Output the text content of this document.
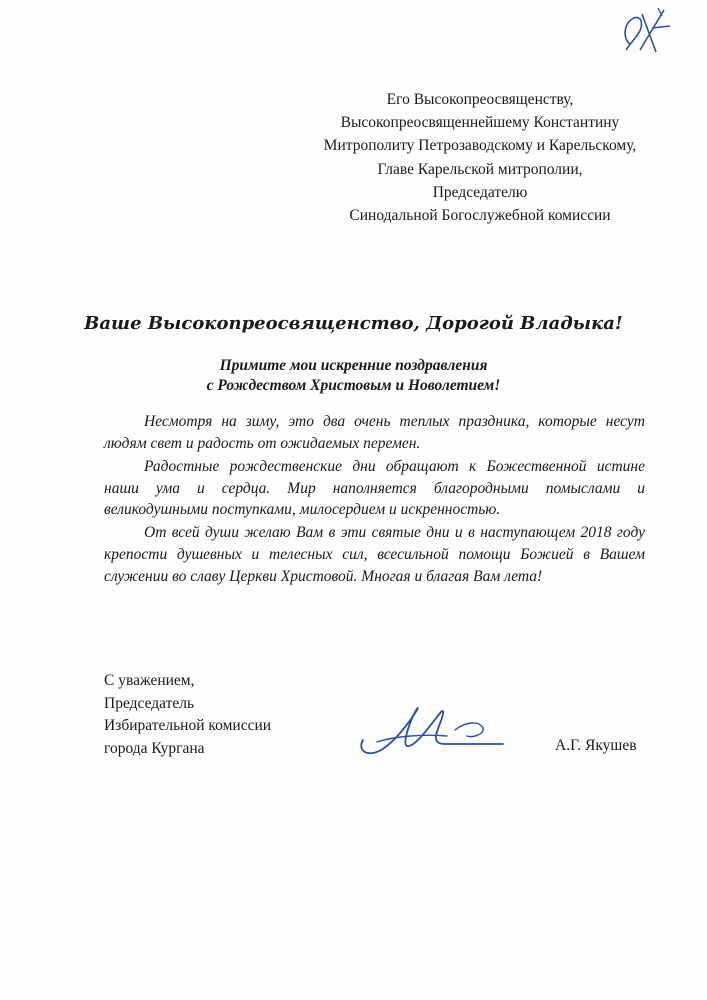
Его Высокопреосвященству,
Высокопреосвященнейшему Константину
Митрополиту Петрозаводскому и Карельскому,
Главе Карельской митрополии,
Председателю
Синодальной Богослужебной комиссии
Ваше Высокопреосвященство, Дорогой Владыка!
Примите мои искренние поздравления
с Рождеством Христовым и Новолетием!

Несмотря на зиму, это два очень теплых праздника, которые несут людям свет и радость от ожидаемых перемен.

Радостные рождественские дни обращают к Божественной истине наши ума и сердца. Мир наполняется благородными помыслами и великодушными поступками, милосердием и искренностью.

От всей души желаю Вам в эти святые дни и в наступающем 2018 году крепости душевных и телесных сил, всесильной помощи Божией в Вашем служении во славу Церкви Христовой. Многая и благая Вам лета!

С уважением,
Председатель
Избирательной комиссии
города Кургана	А.Г. Якушев
